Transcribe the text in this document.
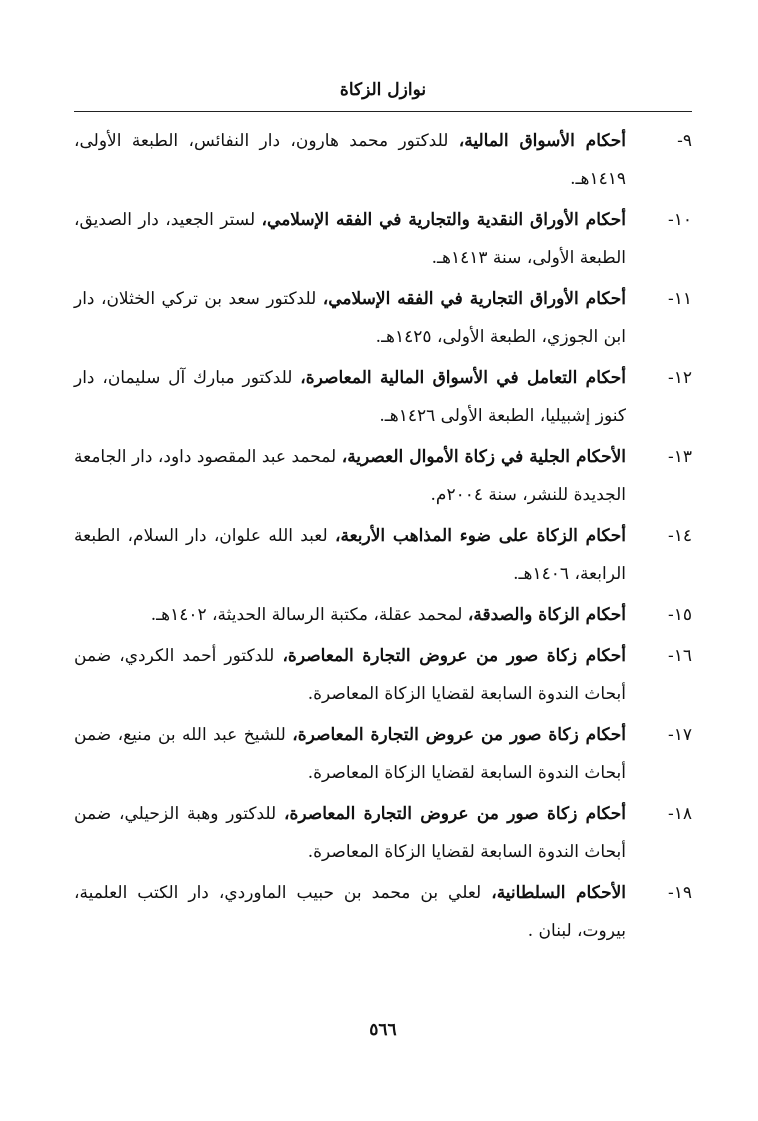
نوازل الزكاة
٩-
أحكام الأسواق المالية، للدكتور محمد هارون، دار النفائس، الطبعة الأولى، ١٤١٩هـ.
١٠-
أحكام الأوراق النقدية والتجارية في الفقه الإسلامي، لستر الجعيد، دار الصديق، الطبعة الأولى، سنة ١٤١٣هـ.
١١-
أحكام الأوراق التجارية في الفقه الإسلامي، للدكتور سعد بن تركي الخثلان، دار ابن الجوزي، الطبعة الأولى، ١٤٢٥هـ.
١٢-
أحكام التعامل في الأسواق المالية المعاصرة، للدكتور مبارك آل سليمان، دار كنوز إشبيليا، الطبعة الأولى ١٤٢٦هـ.
١٣-
الأحكام الجلية في زكاة الأموال العصرية، لمحمد عبد المقصود داود، دار الجامعة الجديدة للنشر، سنة ٢٠٠٤م.
١٤-
أحكام الزكاة على ضوء المذاهب الأربعة، لعبد الله علوان، دار السلام، الطبعة الرابعة، ١٤٠٦هـ.
١٥-
أحكام الزكاة والصدقة، لمحمد عقلة، مكتبة الرسالة الحديثة، ١٤٠٢هـ.
١٦-
أحكام زكاة صور من عروض التجارة المعاصرة، للدكتور أحمد الكردي، ضمن أبحاث الندوة السابعة لقضايا الزكاة المعاصرة.
١٧-
أحكام زكاة صور من عروض التجارة المعاصرة، للشيخ عبد الله بن منيع، ضمن أبحاث الندوة السابعة لقضايا الزكاة المعاصرة.
١٨-
أحكام زكاة صور من عروض التجارة المعاصرة، للدكتور وهبة الزحيلي، ضمن أبحاث الندوة السابعة لقضايا الزكاة المعاصرة.
١٩-
الأحكام السلطانية، لعلي بن محمد بن حبيب الماوردي، دار الكتب العلمية، بيروت، لبنان .
٥٦٦
